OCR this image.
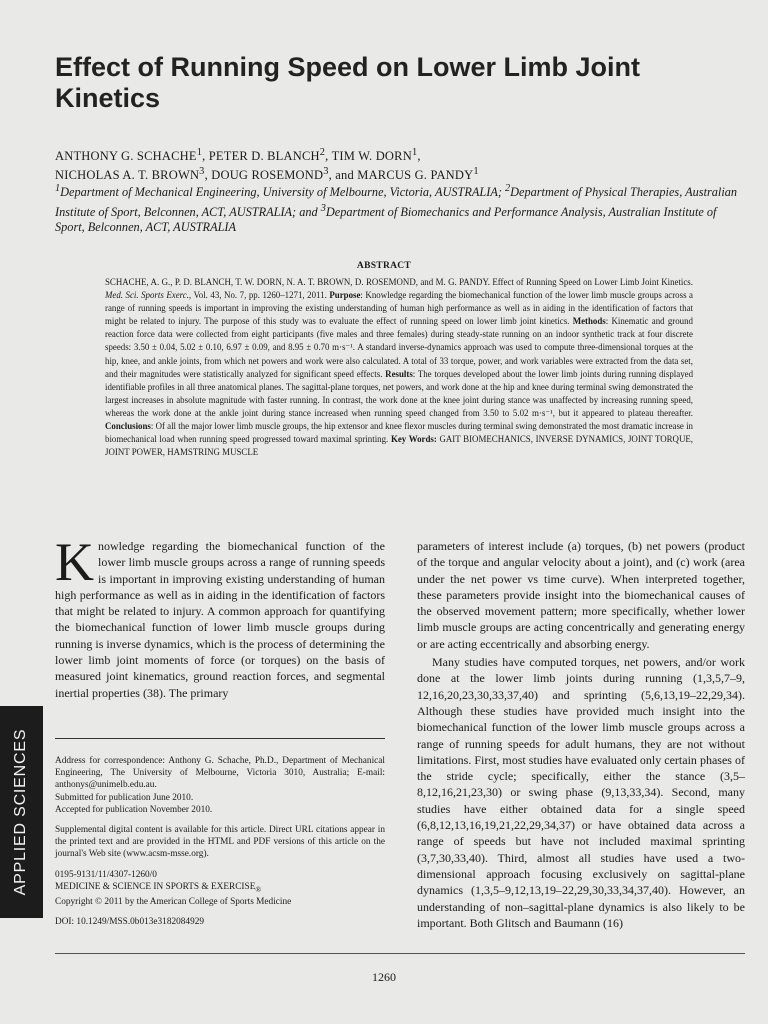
Effect of Running Speed on Lower Limb Joint Kinetics
ANTHONY G. SCHACHE$^1$, PETER D. BLANCH$^2$, TIM W. DORN$^1$,
NICHOLAS A. T. BROWN$^3$, DOUG ROSEMOND$^3$, and MARCUS G. PANDY$^1$
$^1$Department of Mechanical Engineering, University of Melbourne, Victoria, AUSTRALIA; $^2$Department of Physical Therapies, Australian Institute of Sport, Belconnen, ACT, AUSTRALIA; and $^3$Department of Biomechanics and Performance Analysis, Australian Institute of Sport, Belconnen, ACT, AUSTRALIA
ABSTRACT
SCHACHE, A. G., P. D. BLANCH, T. W. DORN, N. A. T. BROWN, D. ROSEMOND, and M. G. PANDY. Effect of Running Speed on Lower Limb Joint Kinetics. Med. Sci. Sports Exerc., Vol. 43, No. 7, pp. 1260–1271, 2011. Purpose: Knowledge regarding the biomechanical function of the lower limb muscle groups across a range of running speeds is important in improving the existing understanding of human high performance as well as in aiding in the identification of factors that might be related to injury. The purpose of this study was to evaluate the effect of running speed on lower limb joint kinetics. Methods: Kinematic and ground reaction force data were collected from eight participants (five males and three females) during steady-state running on an indoor synthetic track at four discrete speeds: 3.50 ± 0.04, 5.02 ± 0.10, 6.97 ± 0.09, and 8.95 ± 0.70 m·s⁻¹. A standard inverse-dynamics approach was used to compute three-dimensional torques at the hip, knee, and ankle joints, from which net powers and work were also calculated. A total of 33 torque, power, and work variables were extracted from the data set, and their magnitudes were statistically analyzed for significant speed effects. Results: The torques developed about the lower limb joints during running displayed identifiable profiles in all three anatomical planes. The sagittal-plane torques, net powers, and work done at the hip and knee during terminal swing demonstrated the largest increases in absolute magnitude with faster running. In contrast, the work done at the knee joint during stance was unaffected by increasing running speed, whereas the work done at the ankle joint during stance increased when running speed changed from 3.50 to 5.02 m·s⁻¹, but it appeared to plateau thereafter. Conclusions: Of all the major lower limb muscle groups, the hip extensor and knee flexor muscles during terminal swing demonstrated the most dramatic increase in biomechanical load when running speed progressed toward maximal sprinting. Key Words: GAIT BIOMECHANICS, INVERSE DYNAMICS, JOINT TORQUE, JOINT POWER, HAMSTRING MUSCLE
Knowledge regarding the biomechanical function of the lower limb muscle groups across a range of running speeds is important in improving existing understanding of human high performance as well as in aiding in the identification of factors that might be related to injury. A common approach for quantifying the biomechanical function of lower limb muscle groups during running is inverse dynamics, which is the process of determining the lower limb joint moments of force (or torques) on the basis of measured joint kinematics, ground reaction forces, and segmental inertial properties (38). The primary

Address for correspondence: Anthony G. Schache, Ph.D., Department of Mechanical Engineering, The University of Melbourne, Victoria 3010, Australia; E-mail: anthonys@unimelb.edu.au.
Submitted for publication June 2010.
Accepted for publication November 2010.

Supplemental digital content is available for this article. Direct URL citations appear in the printed text and are provided in the HTML and PDF versions of this article on the journal's Web site (www.acsm-msse.org).

0195-9131/11/4307-1260/0
MEDICINE & SCIENCE IN SPORTS & $EXERCISE_®$
Copyright © 2011 by the American College of Sports Medicine

DOI: 10.1249/MSS.0b013e3182084929

parameters of interest include (a) torques, (b) net powers (product of the torque and angular velocity about a joint), and (c) work (area under the net power vs time curve). When interpreted together, these parameters provide insight into the biomechanical causes of the observed movement pattern; more specifically, whether lower limb muscle groups are acting concentrically and generating energy or are acting eccentrically and absorbing energy.

Many studies have computed torques, net powers, and/or work done at the lower limb joints during running (1,3,5,7–9, 12,16,20,23,30,33,37,40) and sprinting (5,6,13,19–22,29,34). Although these studies have provided much insight into the biomechanical function of the lower limb muscle groups across a range of running speeds for adult humans, they are not without limitations. First, most studies have evaluated only certain phases of the stride cycle; specifically, either the stance (3,5–8,12,16,21,23,30) or swing phase (9,13,33,34). Second, many studies have either obtained data for a single speed (6,8,12,13,16,19,21,22,29,34,37) or have obtained data across a range of speeds but have not included maximal sprinting (3,7,30,33,40). Third, almost all studies have used a two-dimensional approach focusing exclusively on sagittal-plane dynamics (1,3,5–9,12,13,19–22,29,30,33,34,37,40). However, an understanding of non–sagittal-plane dynamics is also likely to be important. Both Glitsch and Baumann (16)

APPLIED SCIENCES
1260
